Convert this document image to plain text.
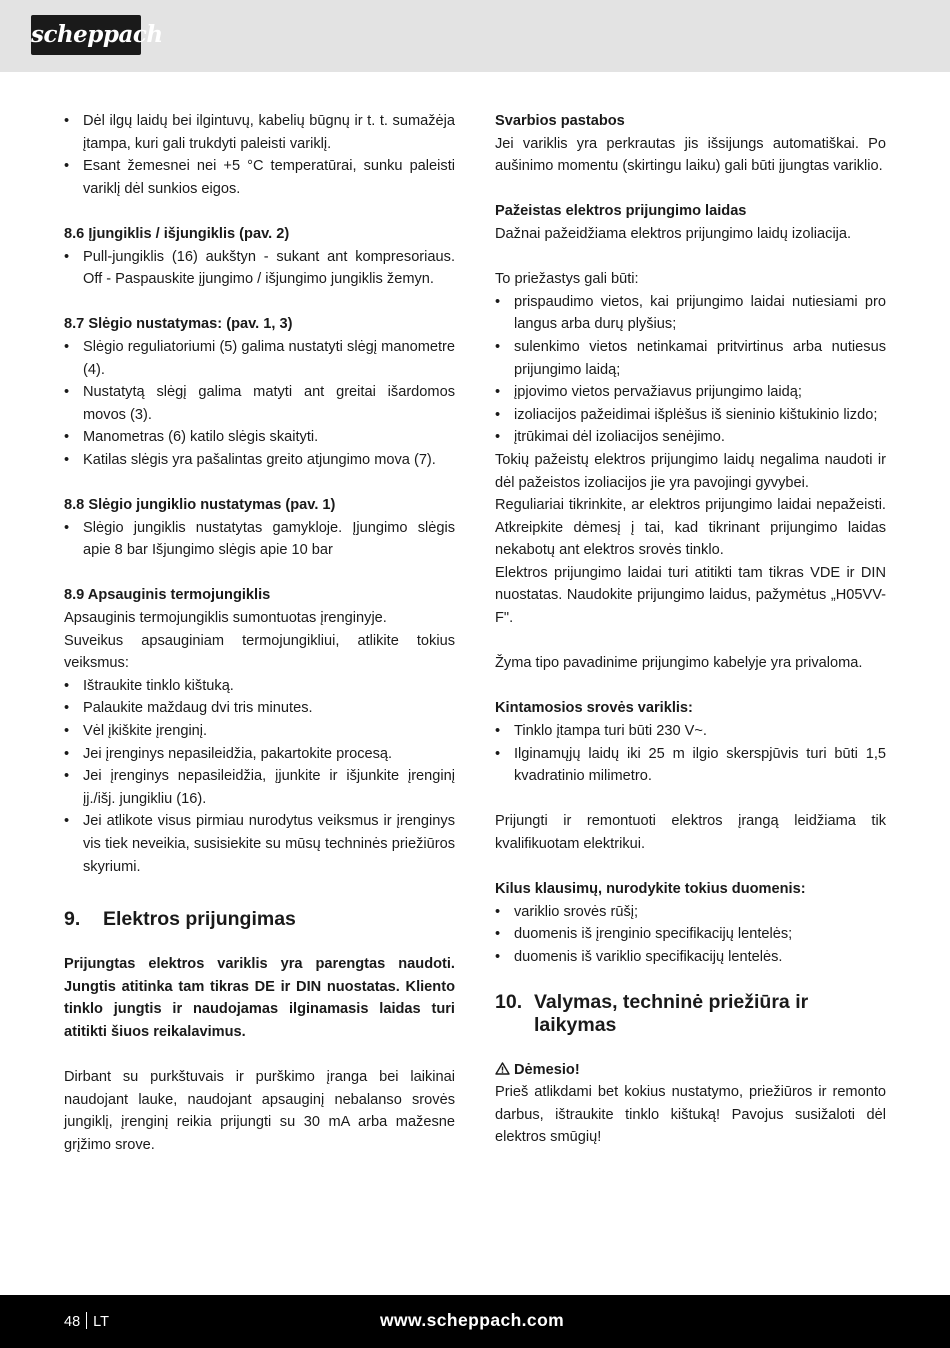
scheppach
• Dėl ilgų laidų bei ilgintuvų, kabelių būgnų ir t. t. sumažėja įtampa, kuri gali trukdyti paleisti variklį.
• Esant žemesnei nei +5 °C temperatūrai, sunku paleisti variklį dėl sunkios eigos.

8.6 Įjungiklis / išjungiklis (pav. 2)

• Pull-jungiklis (16) aukštyn - sukant ant kompresoriaus. Off - Paspauskite įjungimo / išjungimo jungiklis žemyn.

8.7 Slėgio nustatymas: (pav. 1, 3)

• Slėgio reguliatoriumi (5) galima nustatyti slėgį manometre (4).
• Nustatytą slėgį galima matyti ant greitai išardomos movos (3).
• Manometras (6) katilo slėgis skaityti.
• Katilas slėgis yra pašalintas greito atjungimo mova (7).

8.8 Slėgio jungiklio nustatymas (pav. 1)

• Slėgio jungiklis nustatytas gamykloje. Įjungimo slėgis apie 8 bar Išjungimo slėgis apie 10 bar

8.9 Apsauginis termojungiklis

Apsauginis termojungiklis sumontuotas įrenginyje.

Suveikus apsauginiam termojungikliui, atlikite tokius veiksmus:

• Ištraukite tinklo kištuką.
• Palaukite maždaug dvi tris minutes.
• Vėl įkiškite įrenginį.
• Jei įrenginys nepasileidžia, pakartokite procesą.
• Jei įrenginys nepasileidžia, įjunkite ir išjunkite įrenginį įj./išj. jungikliu (16).
• Jei atlikote visus pirmiau nurodytus veiksmus ir įrenginys vis tiek neveikia, susisiekite su mūsų techninės priežiūros skyriumi.
9.	Elektros prijungimas

Prijungtas elektros variklis yra parengtas naudoti. Jungtis atitinka tam tikras DE ir DIN nuostatas. Kliento tinklo jungtis ir naudojamas ilginamasis laidas turi atitikti šiuos reikalavimus.

Dirbant su purkštuvais ir purškimo įranga bei laikinai naudojant lauke, naudojant apsauginį nebalanso srovės jungiklį, įrenginį reikia prijungti su 30 mA arba mažesne grįžimo srove.

Svarbios pastabos

Jei variklis yra perkrautas jis išsijungs automatiškai. Po aušinimo momentu (skirtingu laiku) gali būti įjungtas variklio.

Pažeistas elektros prijungimo laidas

Dažnai pažeidžiama elektros prijungimo laidų izoliacija.

To priežastys gali būti:

• prispaudimo vietos, kai prijungimo laidai nutiesiami pro langus arba durų plyšius;
• sulenkimo vietos netinkamai pritvirtinus arba nutiesus prijungimo laidą;
• įpjovimo vietos pervažiavus prijungimo laidą;
• izoliacijos pažeidimai išplėšus iš sieninio kištukinio lizdo;
• įtrūkimai dėl izoliacijos senėjimo.

Tokių pažeistų elektros prijungimo laidų negalima naudoti ir dėl pažeistos izoliacijos jie yra pavojingi gyvybei.

Reguliariai tikrinkite, ar elektros prijungimo laidai nepažeisti. Atkreipkite dėmesį į tai, kad tikrinant prijungimo laidas nekabotų ant elektros srovės tinklo.

Elektros prijungimo laidai turi atitikti tam tikras VDE ir DIN nuostatas. Naudokite prijungimo laidus, pažymėtus „H05VV-F".

Žyma tipo pavadinime prijungimo kabelyje yra privaloma.

Kintamosios srovės variklis:

• Tinklo įtampa turi būti 230 V~.
• Ilginamųjų laidų iki 25 m ilgio skerspjūvis turi būti 1,5 kvadratinio milimetro.

Prijungti ir remontuoti elektros įrangą leidžiama tik kvalifikuotam elektrikui.

Kilus klausimų, nurodykite tokius duomenis:

• variklio srovės rūšį;
• duomenis iš įrenginio specifikacijų lentelės;
• duomenis iš variklio specifikacijų lentelės.
10. Valymas, techninė priežiūra ir laikymas

Dėmesio!

Prieš atlikdami bet kokius nustatymo, priežiūros ir remonto darbus, ištraukite tinklo kištuką! Pavojus susižaloti dėl elektros smūgių!

48 LT	www.scheppach.com
